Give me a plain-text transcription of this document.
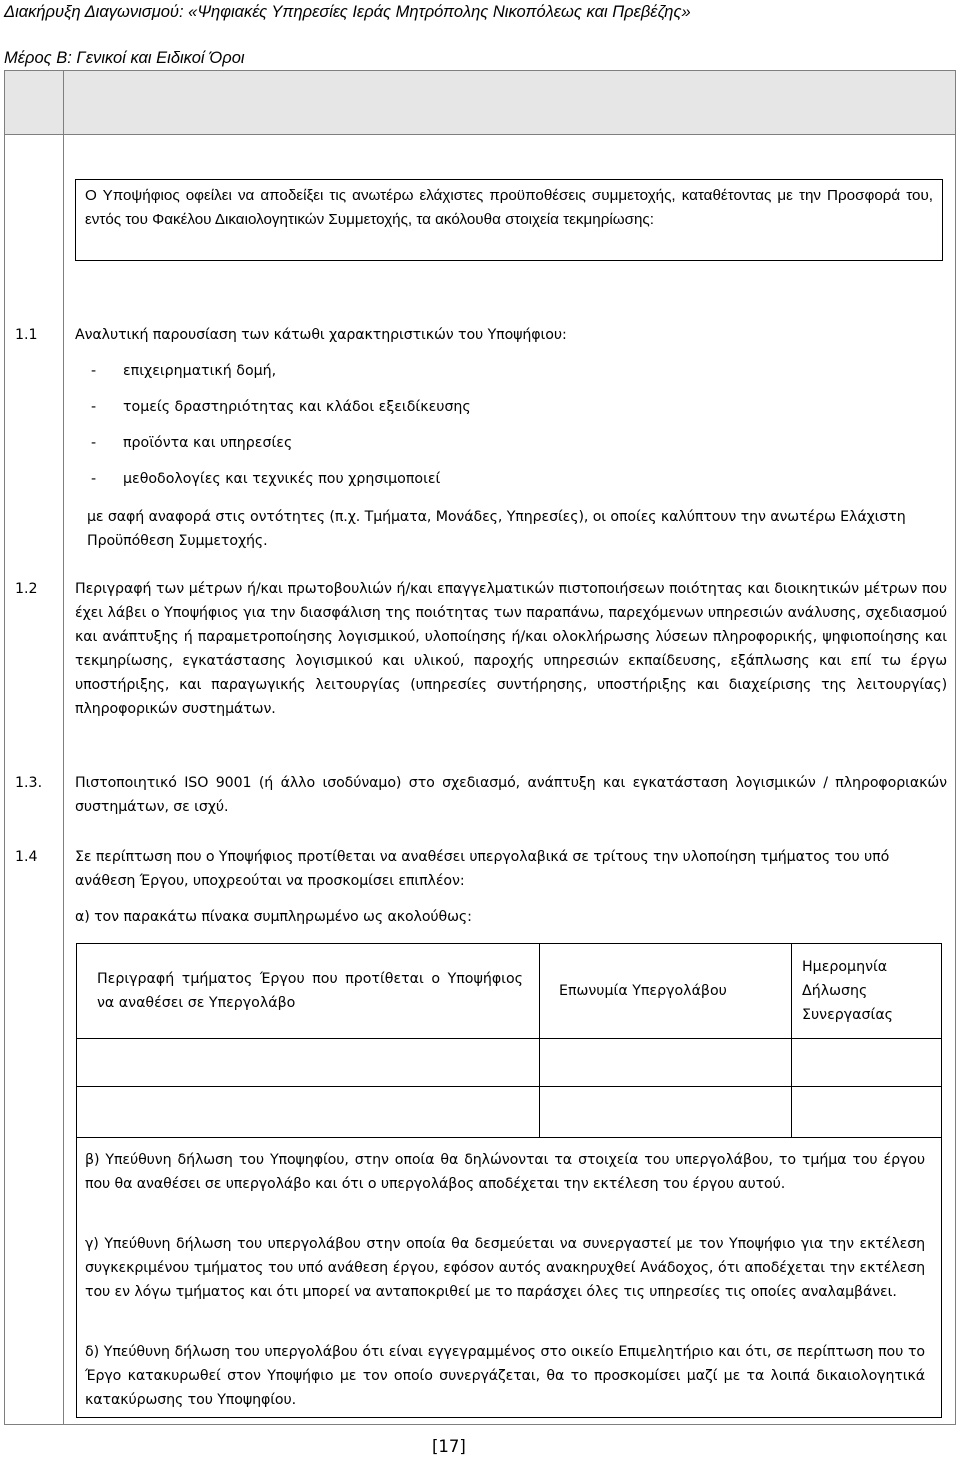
Διακήρυξη Διαγωνισμού: «Ψηφιακές Υπηρεσίες Ιεράς Μητρόπολης Νικοπόλεως και Πρεβέζης»
Μέρος Β: Γενικοί και Ειδικοί Όροι
Ο Υποψήφιος οφείλει να αποδείξει τις ανωτέρω ελάχιστες προϋποθέσεις συμμετοχής, καταθέτοντας με την Προσφορά του, εντός του Φακέλου Δικαιολογητικών Συμμετοχής, τα ακόλουθα στοιχεία τεκμηρίωσης:
1.1	Αναλυτική παρουσίαση των κάτωθι χαρακτηριστικών του Υποψήφιου:
- επιχειρηματική δομή,
- τομείς δραστηριότητας και κλάδοι εξειδίκευσης
- προϊόντα και υπηρεσίες
- μεθοδολογίες και τεχνικές που χρησιμοποιεί
με σαφή αναφορά στις οντότητες (π.χ. Τμήματα, Μονάδες, Υπηρεσίες), οι οποίες καλύπτουν την ανωτέρω Ελάχιστη Προϋπόθεση Συμμετοχής.
1.2	Περιγραφή των μέτρων ή/και πρωτοβουλιών ή/και επαγγελματικών πιστοποιήσεων ποιότητας και διοικητικών μέτρων που έχει λάβει ο Υποψήφιος για την διασφάλιση της ποιότητας των παραπάνω, παρεχόμενων υπηρεσιών ανάλυσης, σχεδιασμού και ανάπτυξης ή παραμετροποίησης λογισμικού, υλοποίησης ή/και ολοκλήρωσης λύσεων πληροφορικής, ψηφιοποίησης και τεκμηρίωσης, εγκατάστασης λογισμικού και υλικού, παροχής υπηρεσιών εκπαίδευσης, εξάπλωσης και επί τω έργω υποστήριξης, και παραγωγικής λειτουργίας (υπηρεσίες συντήρησης, υποστήριξης και διαχείρισης της λειτουργίας) πληροφορικών συστημάτων.
1.3. Πιστοποιητικό ISO 9001 (ή άλλο ισοδύναμο) στο σχεδιασμό, ανάπτυξη και εγκατάσταση λογισμικών / πληροφοριακών συστημάτων, σε ισχύ.
1.4	Σε περίπτωση που ο Υποψήφιος προτίθεται να αναθέσει υπεργολαβικά σε τρίτους την υλοποίηση τμήματος του υπό ανάθεση Έργου, υποχρεούται να προσκομίσει επιπλέον:
α) τον παρακάτω πίνακα συμπληρωμένο ως ακολούθως:
Περιγραφή τμήματος Έργου που προτίθεται ο Υποψήφιος να αναθέσει σε Υπεργολάβο	Επωνυμία Υπεργολάβου	Ημερομηνία Δήλωσης Συνεργασίας

β) Υπεύθυνη δήλωση του Υποψηφίου, στην οποία θα δηλώνονται τα στοιχεία του υπεργολάβου, το τμήμα του έργου που θα αναθέσει σε υπεργολάβο και ότι ο υπεργολάβος αποδέχεται την εκτέλεση του έργου αυτού.
γ) Υπεύθυνη δήλωση του υπεργολάβου στην οποία θα δεσμεύεται να συνεργαστεί με τον Υποψήφιο για την εκτέλεση συγκεκριμένου τμήματος του υπό ανάθεση έργου, εφόσον αυτός ανακηρυχθεί Ανάδοχος, ότι αποδέχεται την εκτέλεση του εν λόγω τμήματος και ότι μπορεί να ανταποκριθεί με το παράσχει όλες τις υπηρεσίες τις οποίες αναλαμβάνει.
δ) Υπεύθυνη δήλωση του υπεργολάβου ότι είναι εγγεγραμμένος στο οικείο Επιμελητήριο και ότι, σε περίπτωση που το Έργο κατακυρωθεί στον Υποψήφιο με τον οποίο συνεργάζεται, θα το προσκομίσει μαζί με τα λοιπά δικαιολογητικά κατακύρωσης του Υποψηφίου.
[17]
